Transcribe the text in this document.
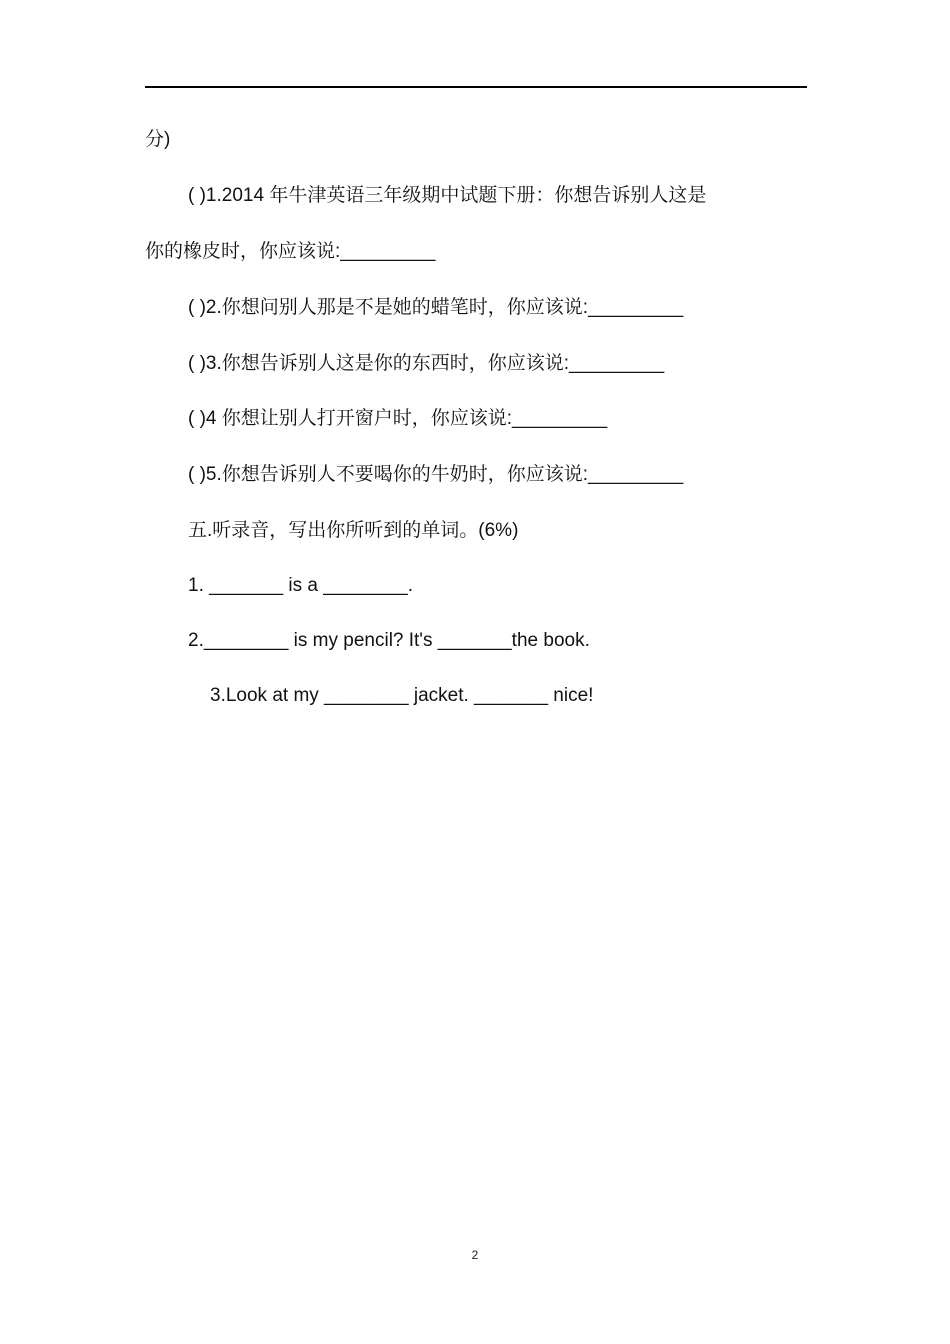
分)
( )1.2014 年牛津英语三年级期中试题下册：你想告诉别人这是
你的橡皮时，你应该说:_________
( )2.你想问别人那是不是她的蜡笔时，你应该说:_________
( )3.你想告诉别人这是你的东西时，你应该说:_________
( )4 你想让别人打开窗户时，你应该说:_________
( )5.你想告诉别人不要喝你的牛奶时，你应该说:_________
五.听录音，写出你所听到的单词。(6%)
1. _______ is a ________.
2.________ is my pencil? It's _______the book.
3.Look at my ________ jacket. _______ nice!
2
